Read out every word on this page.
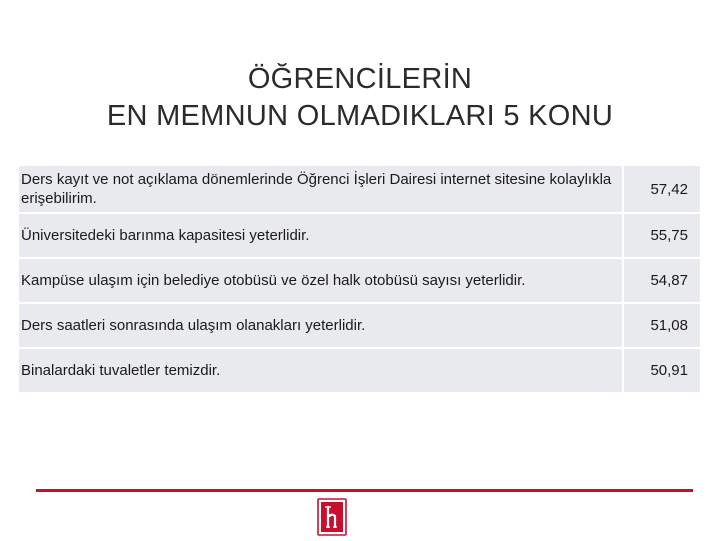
ÖĞRENCİLERİN
EN MEMNUN OLMADIKLARI 5 KONU
Ders kayıt ve not açıklama dönemlerinde Öğrenci İşleri Dairesi internet sitesine kolaylıkla erişebilirim.	57,42
Üniversitedeki barınma kapasitesi yeterlidir.	55,75
Kampüse ulaşım için belediye otobüsü ve özel halk otobüsü sayısı yeterlidir.	54,87
Ders saatleri sonrasında ulaşım olanakları yeterlidir.	51,08
Binalardaki tuvaletler temizdir.	50,91
